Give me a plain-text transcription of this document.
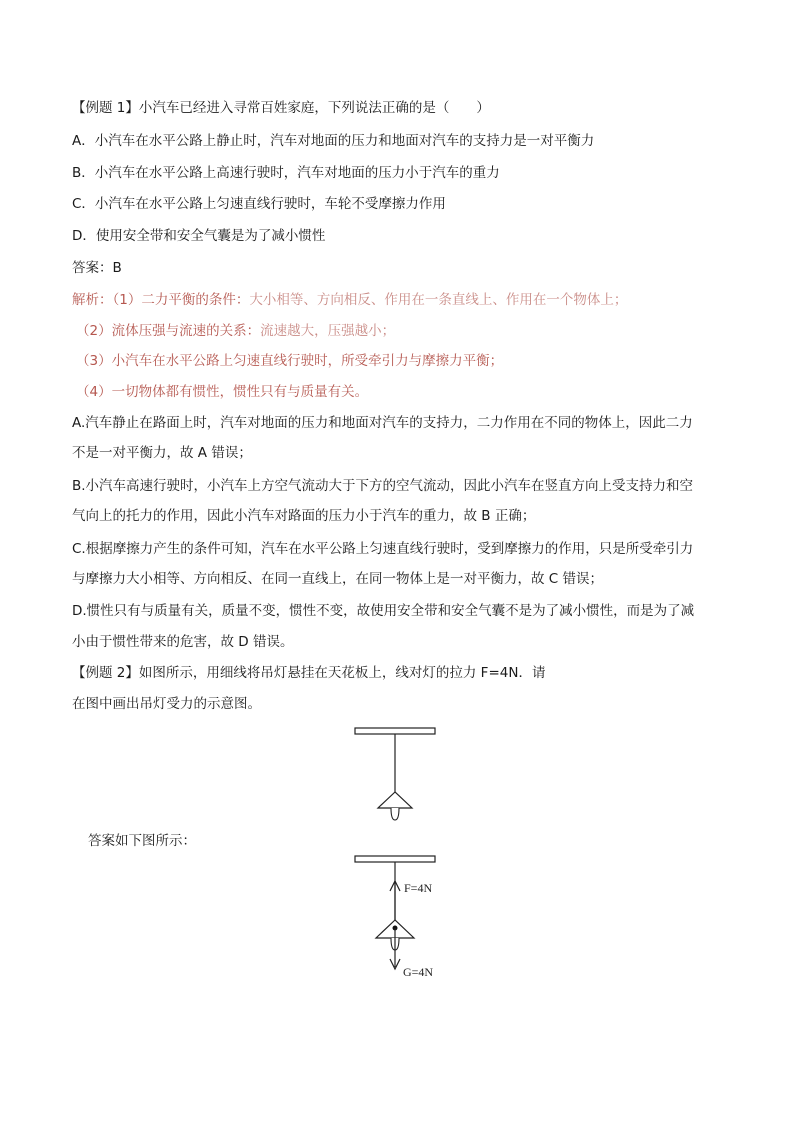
【例题 1】小汽车已经进入寻常百姓家庭，下列说法正确的是（　　）
A．小汽车在水平公路上静止时，汽车对地面的压力和地面对汽车的支持力是一对平衡力
B．小汽车在水平公路上高速行驶时，汽车对地面的压力小于汽车的重力
C．小汽车在水平公路上匀速直线行驶时，车轮不受摩擦力作用
D．使用安全带和安全气囊是为了减小惯性
答案：B
解析：（1）二力平衡的条件：大小相等、方向相反、作用在一条直线上、作用在一个物体上；
（2）流体压强与流速的关系：流速越大，压强越小；
（3）小汽车在水平公路上匀速直线行驶时，所受牵引力与摩擦力平衡；
（4）一切物体都有惯性，惯性只有与质量有关。
A.汽车静止在路面上时，汽车对地面的压力和地面对汽车的支持力，二力作用在不同的物体上，因此二力
不是一对平衡力，故 A 错误；
B.小汽车高速行驶时，小汽车上方空气流动大于下方的空气流动，因此小汽车在竖直方向上受支持力和空
气向上的托力的作用，因此小汽车对路面的压力小于汽车的重力，故 B 正确；
C.根据摩擦力产生的条件可知，汽车在水平公路上匀速直线行驶时，受到摩擦力的作用，只是所受牵引力
与摩擦力大小相等、方向相反、在同一直线上，在同一物体上是一对平衡力，故 C 错误；
D.惯性只有与质量有关，质量不变，惯性不变，故使用安全带和安全气囊不是为了减小惯性，而是为了减
小由于惯性带来的危害，故 D 错误。
【例题 2】如图所示，用细线将吊灯悬挂在天花板上，线对灯的拉力 F=4N．请
在图中画出吊灯受力的示意图。
答案如下图所示：
F=4N
G=4N
